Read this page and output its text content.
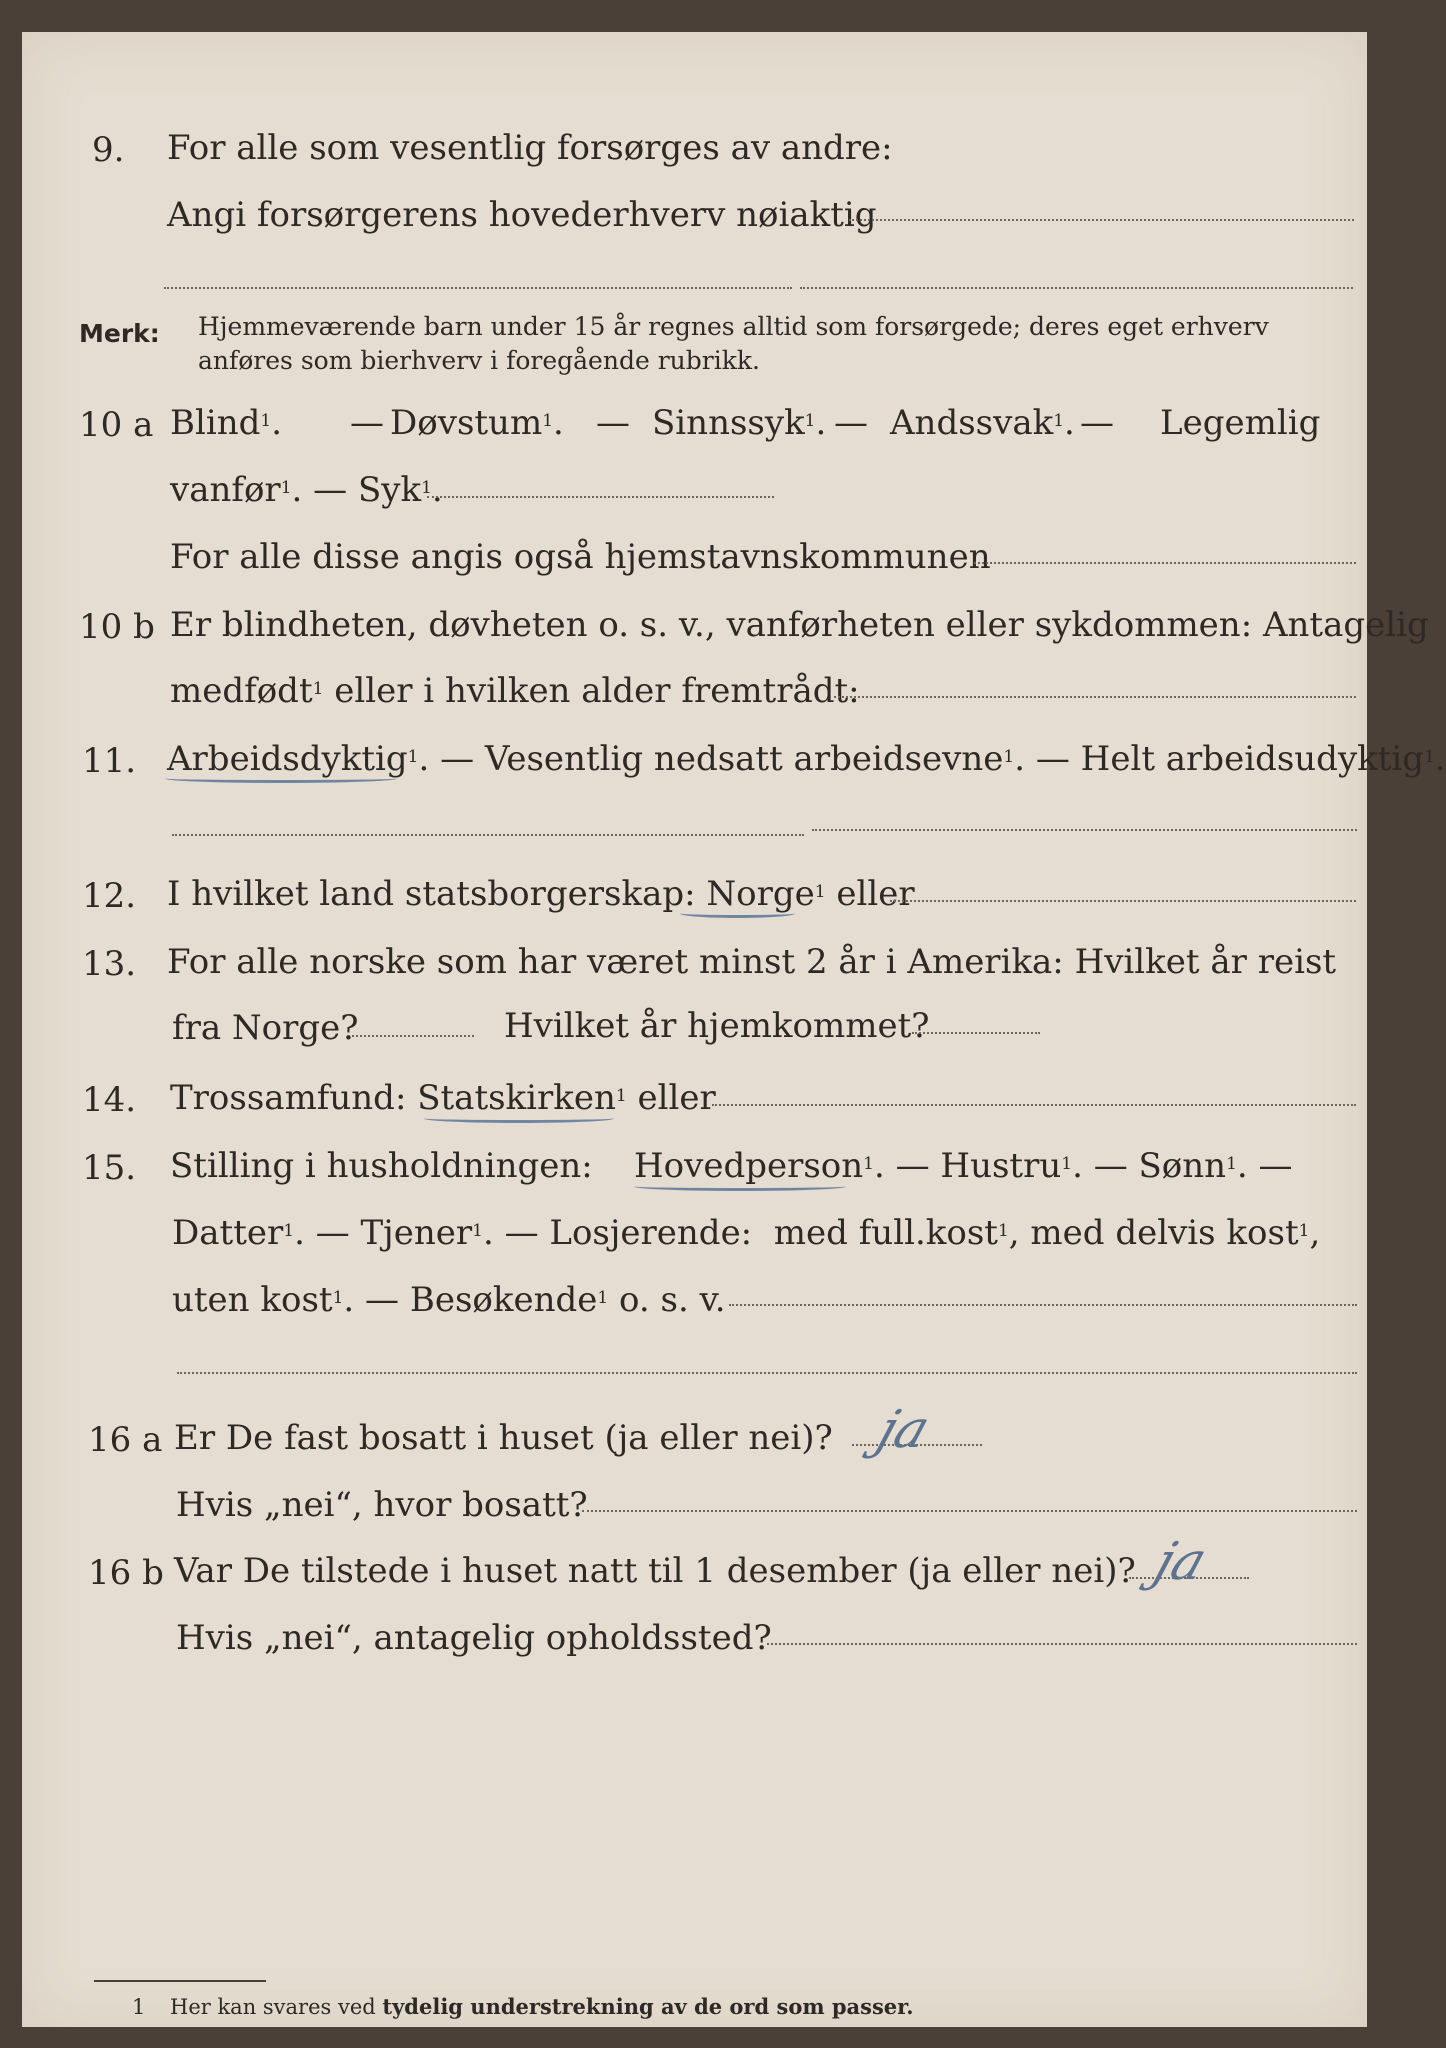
9. For alle som vesentlig forsørges av andre:
Angi forsørgerens hovederhverv nøiaktig
Merk: Hjemmeværende barn under 15 år regnes alltid som forsørgede; deres eget erhverv
anføres som bierhverv i foregående rubrikk.
10 a Blind$^1$. — Døvstum$^1$. — Sinnssyk$^1$. — Andssvak$^1$. — Legemlig
vanfør$^1$. — Syk$^1$.
For alle disse angis også hjemstavnskommunen
10 b Er blindheten, døvheten o. s. v., vanførheten eller sykdommen: Antagelig
medfødt$^1$ eller i hvilken alder fremtrådt:
11. Arbeidsdyktig$^1$. — Vesentlig nedsatt arbeidsevne$^1$. — Helt arbeidsudyktig$^1$.
12. I hvilket land statsborgerskap: Norge$^1$ eller
13. For alle norske som har været minst 2 år i Amerika: Hvilket år reist
fra Norge?	Hvilket år hjemkommet?
14. Trossamfund: Statskirken$^1$ eller
15. Stilling i husholdningen: Hovedperson$^1$. — Hustru$^1$. — Sønn$^1$. —
Datter$^1$. — Tjener$^1$. — Losjerende: med full.kost$^1$, med delvis kost$^1$,
uten kost$^1$. — Besøkende$^1$ o. s. v.
16 a Er De fast bosatt i huset (ja eller nei)? ja
Hvis „nei“, hvor bosatt?
16 b Var De tilstede i huset natt til 1 desember (ja eller nei)? ja
Hvis „nei“, antagelig opholdssted?
1 Her kan svares ved tydelig understrekning av de ord som passer.
